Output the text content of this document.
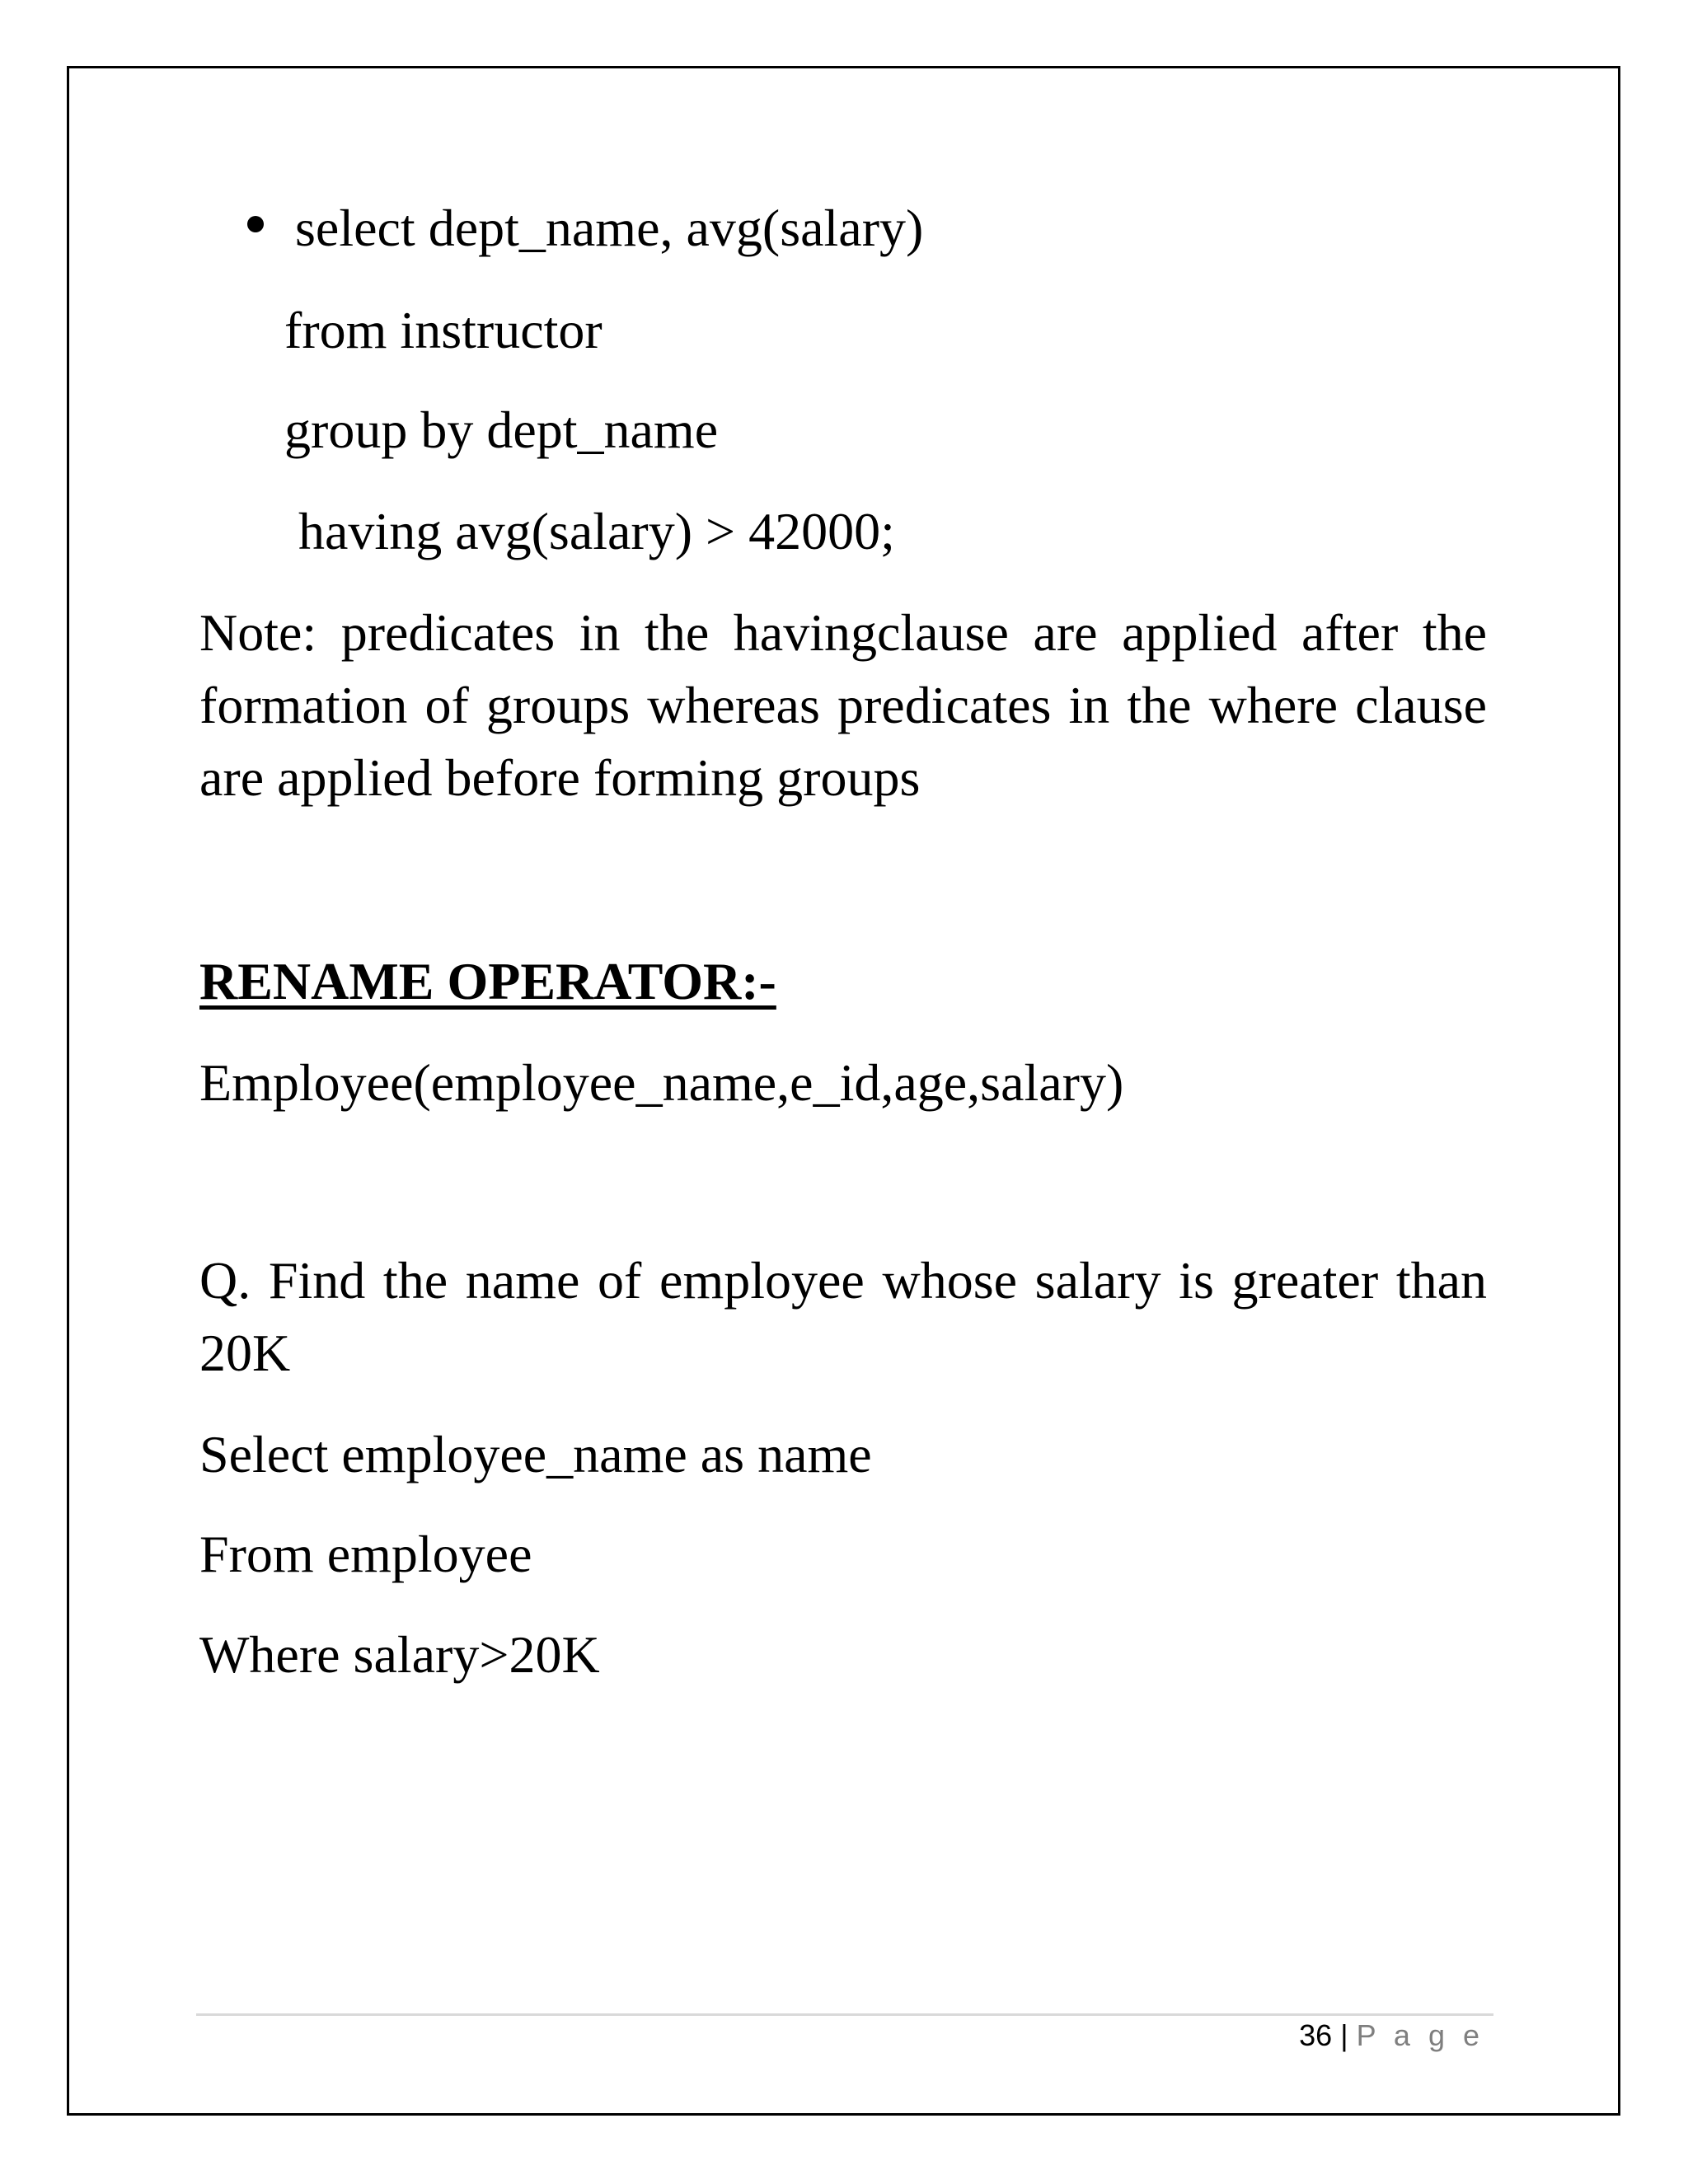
select dept_name, avg(salary)
from instructor
group by dept_name
having avg(salary) > 42000;
Note: predicates in the havingclause are applied after the formation of groups whereas predicates in the where clause are applied before forming groups
RENAME OPERATOR:-
Employee(employee_name,e_id,age,salary)
Q. Find the name of employee whose salary is greater than 20K
Select employee_name as name
From employee
Where salary>20K
36 | P a g e
